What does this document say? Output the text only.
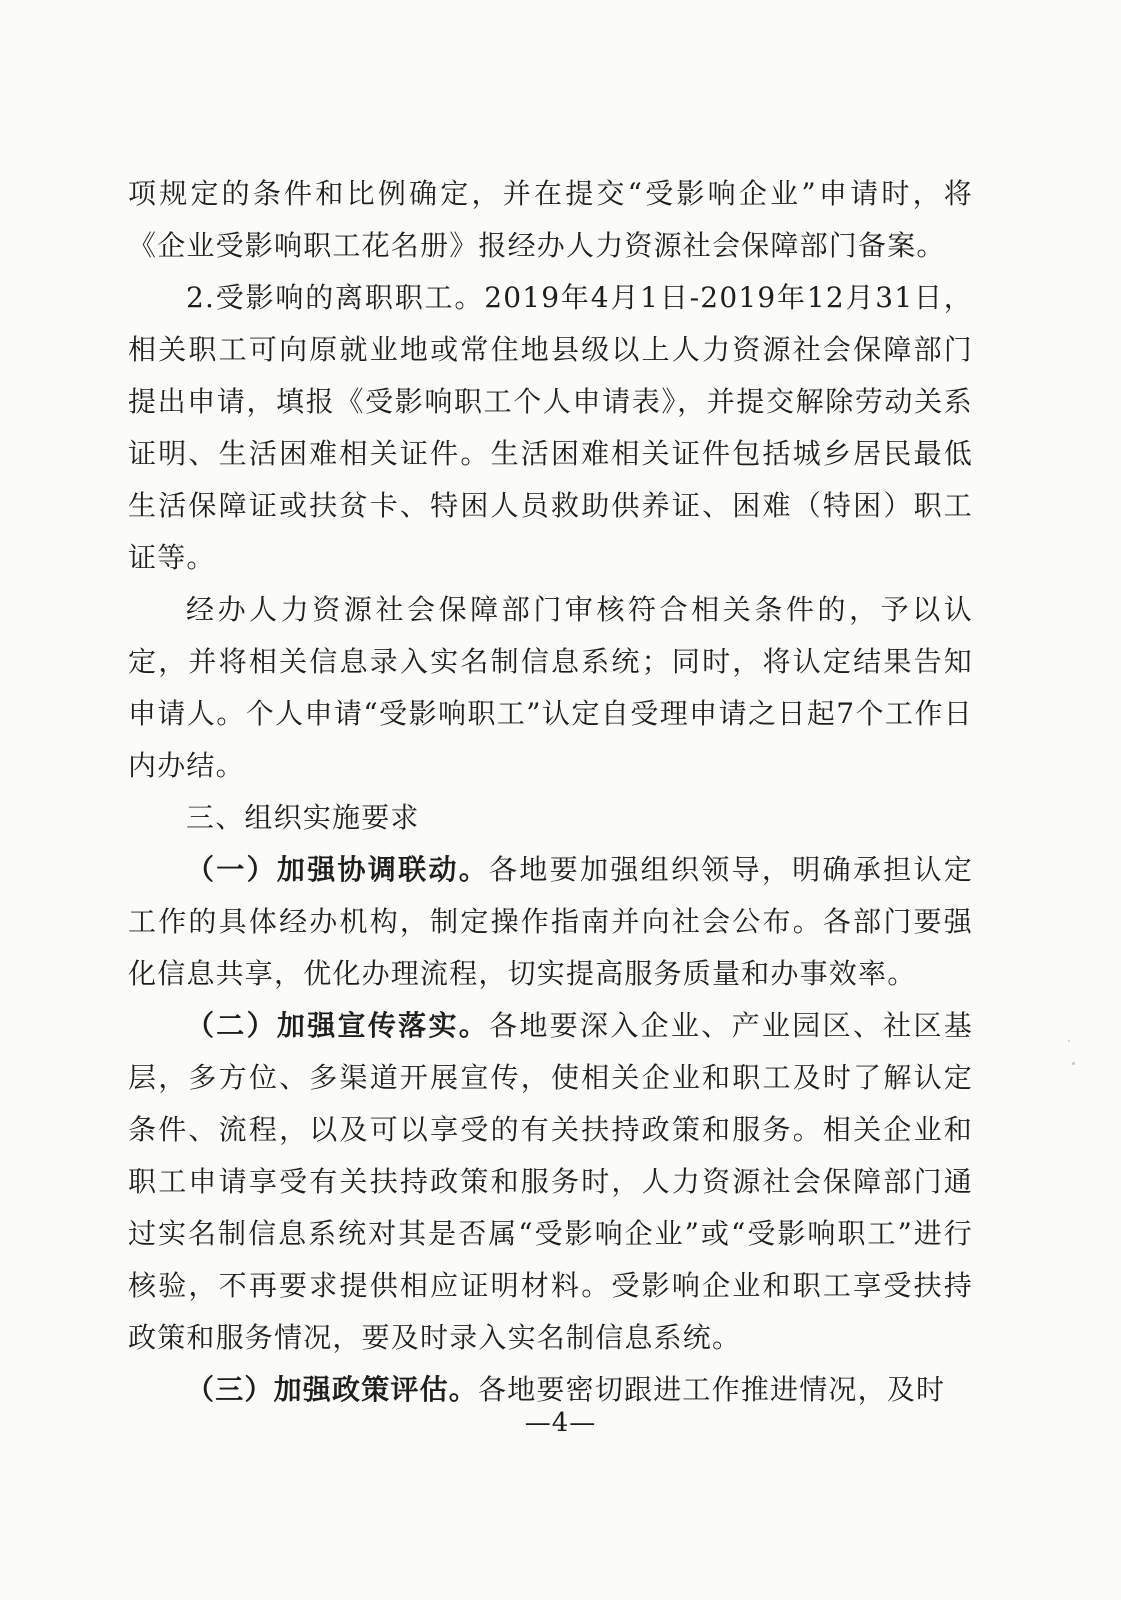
项规定的条件和比例确定，并在提交“受影响企业”申请时，将《企业受影响职工花名册》报经办人力资源社会保障部门备案。

2.受影响的离职职工。2019年4月1日-2019年12月31日，相关职工可向原就业地或常住地县级以上人力资源社会保障部门提出申请，填报《受影响职工个人申请表》，并提交解除劳动关系证明、生活困难相关证件。生活困难相关证件包括城乡居民最低生活保障证或扶贫卡、特困人员救助供养证、困难（特困）职工证等。

经办人力资源社会保障部门审核符合相关条件的，予以认定，并将相关信息录入实名制信息系统；同时，将认定结果告知申请人。个人申请“受影响职工”认定自受理申请之日起7个工作日内办结。

三、组织实施要求

（一）加强协调联动。各地要加强组织领导，明确承担认定工作的具体经办机构，制定操作指南并向社会公布。各部门要强化信息共享，优化办理流程，切实提高服务质量和办事效率。

（二）加强宣传落实。各地要深入企业、产业园区、社区基层，多方位、多渠道开展宣传，使相关企业和职工及时了解认定条件、流程，以及可以享受的有关扶持政策和服务。相关企业和职工申请享受有关扶持政策和服务时，人力资源社会保障部门通过实名制信息系统对其是否属“受影响企业”或“受影响职工”进行核验，不再要求提供相应证明材料。受影响企业和职工享受扶持政策和服务情况，要及时录入实名制信息系统。

（三）加强政策评估。各地要密切跟进工作推进情况，及时

—4—
